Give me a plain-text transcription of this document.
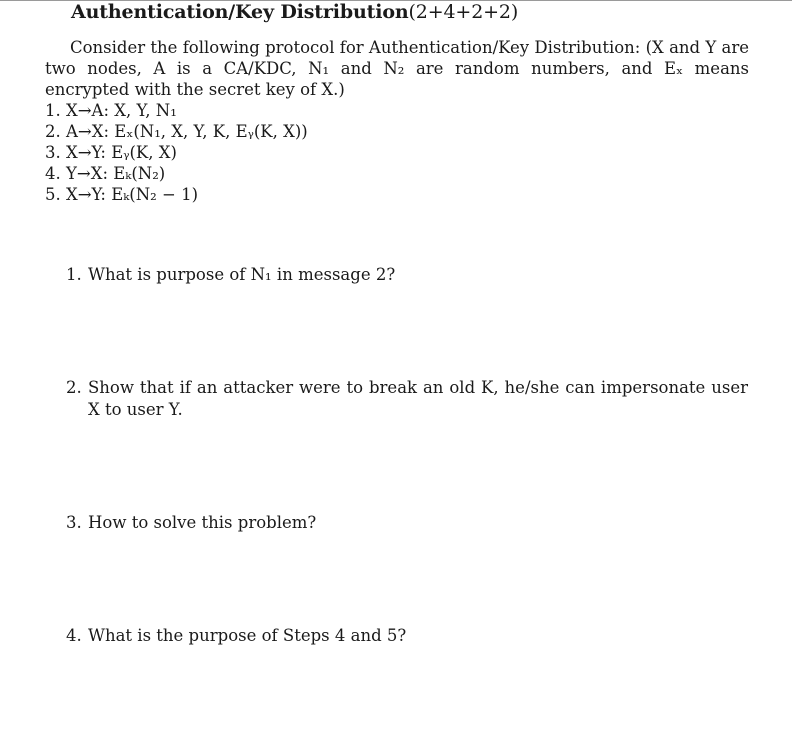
Authentication/Key Distribution(2+4+2+2)

Consider the following protocol for Authentication/Key Distribution: (X and Y are two nodes, A is a CA/KDC, N₁ and N₂ are random numbers, and Eₓ means encrypted with the secret key of X.)

1. X→A: X, Y, N₁
2. A→X: Eₓ(N₁, X, Y, K, Eᵧ(K, X))
3. X→Y: Eᵧ(K, X)
4. Y→X: Eₖ(N₂)
5. X→Y: Eₖ(N₂ − 1)
1. What is purpose of N₁ in message 2?
2. Show that if an attacker were to break an old K, he/she can impersonate user X to user Y.
3. How to solve this problem?
4. What is the purpose of Steps 4 and 5?
